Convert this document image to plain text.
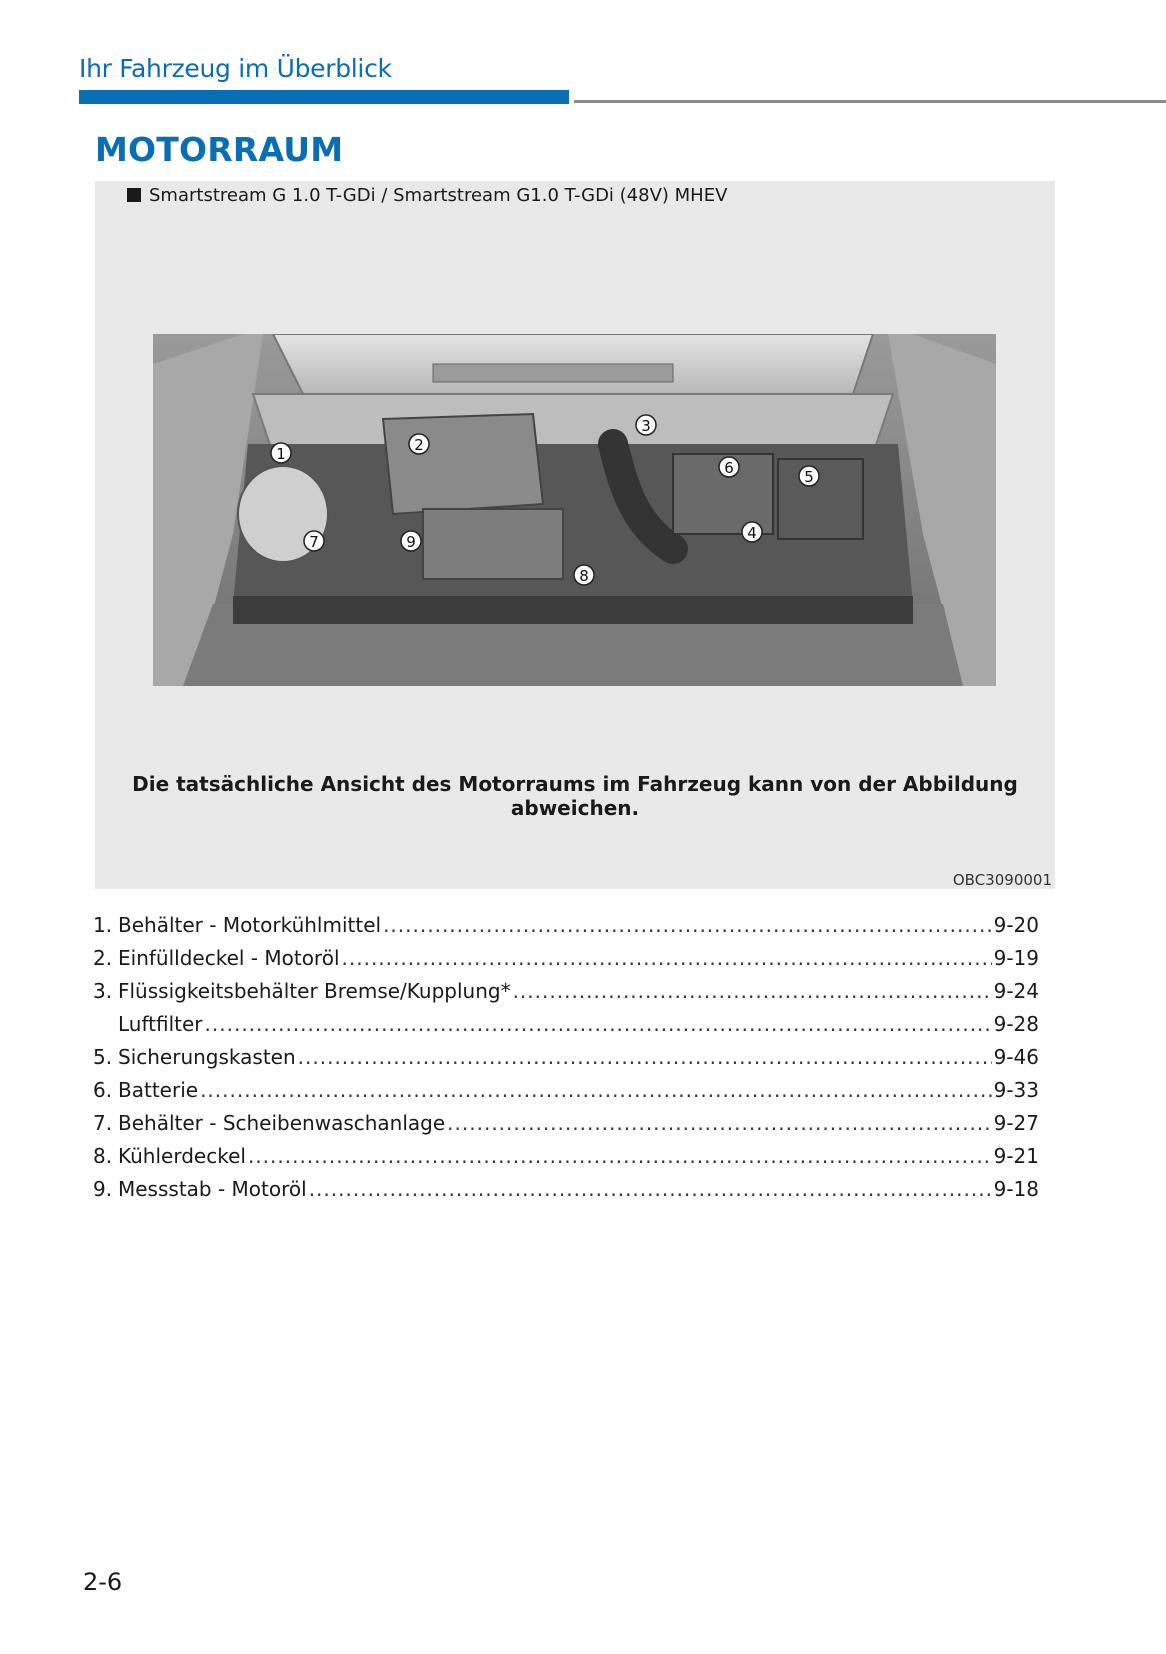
Ihr Fahrzeug im Überblick
MOTORRAUM
Smartstream G 1.0 T-GDi / Smartstream G1.0 T-GDi (48V) MHEV
1	2
3
4
5
6
7
8
9
Die tatsächliche Ansicht des Motorraums im Fahrzeug kann von der Abbildung abweichen.
OBC3090001
1. Behälter - Motorkühlmittel .....	9-20
2. Einfülldeckel - Motoröl .....	9-19
3. Flüssigkeitsbehälter Bremse/Kupplung* .....	9-24
Luftfilter .....	9-28
5. Sicherungskasten .....	9-46
6. Batterie .....	9-33
7. Behälter - Scheibenwaschanlage .....	9-27
8. Kühlerdeckel .....	9-21
9. Messstab - Motoröl .....	9-18
2-6
